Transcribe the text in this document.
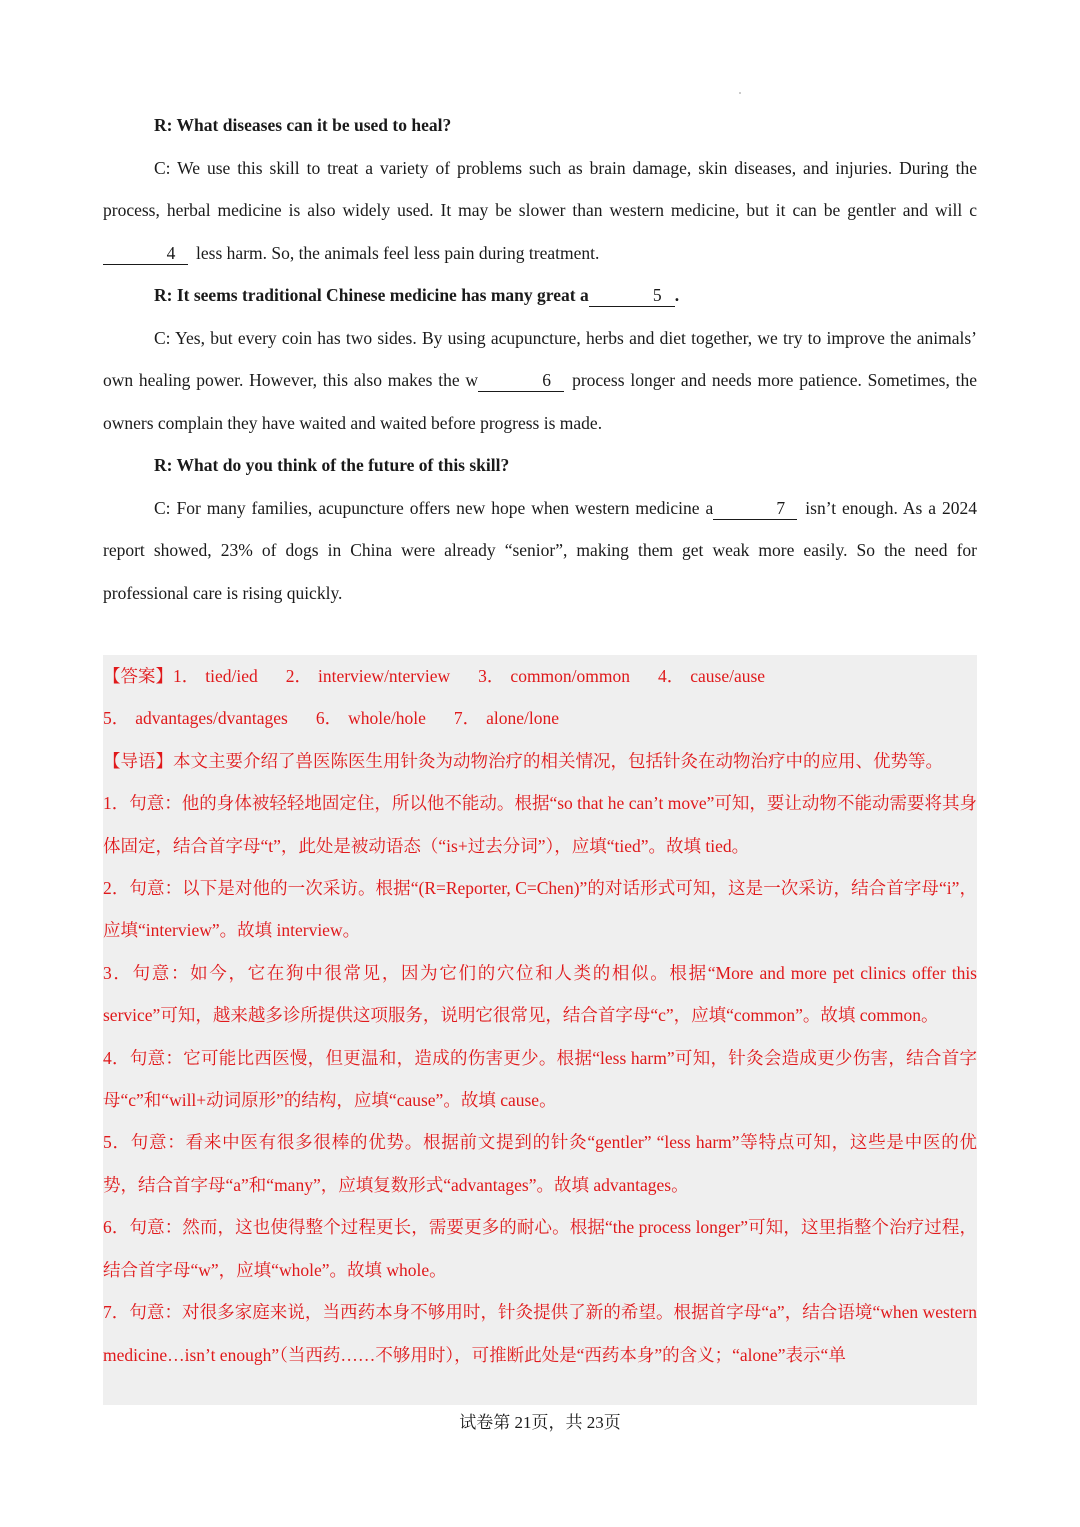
R: What diseases can it be used to heal?

C: We use this skill to treat a variety of problems such as brain damage, skin diseases, and injuries. During the process, herbal medicine is also widely used. It may be slower than western medicine, but it can be gentler and will c4 less harm. So, the animals feel less pain during treatment.

R: It seems traditional Chinese medicine has many great a	5 .

C: Yes, but every coin has two sides. By using acupuncture, herbs and diet together, we try to improve the animals’ own healing power. However, this also makes the w	6 process longer and needs more patience. Sometimes, the owners complain they have waited and waited before progress is made.

R: What do you think of the future of this skill?

C: For many families, acupuncture offers new hope when western medicine a	7 isn’t enough. As a 2024 report showed, 23% of dogs in China were already “senior”, making them get weak more easily. So the need for professional care is rising quickly.

【答案】1． tied/ied 2． interview/nterview 3． common/ommon 4． cause/ause
5． advantages/dvantages 6． whole/hole 7． alone/lone

【导语】本文主要介绍了兽医陈医生用针灸为动物治疗的相关情况，包括针灸在动物治疗中的应用、优势等。

1．句意：他的身体被轻轻地固定住，所以他不能动。根据“so that he can’t move”可知，要让动物不能动需要将其身体固定，结合首字母“t”，此处是被动语态（“is+过去分词”），应填“tied”。故填 tied。

2．句意：以下是对他的一次采访。根据“(R=Reporter, C=Chen)”的对话形式可知，这是一次采访，结合首字母“i”，应填“interview”。故填 interview。

3．句意：如今，它在狗中很常见，因为它们的穴位和人类的相似。根据“More and more pet clinics offer this service”可知，越来越多诊所提供这项服务，说明它很常见，结合首字母“c”，应填“common”。故填 common。

4．句意：它可能比西医慢，但更温和，造成的伤害更少。根据“less harm”可知，针灸会造成更少伤害，结合首字母“c”和“will+动词原形”的结构，应填“cause”。故填 cause。

5．句意：看来中医有很多很棒的优势。根据前文提到的针灸“gentler” “less harm”等特点可知，这些是中医的优势，结合首字母“a”和“many”，应填复数形式“advantages”。故填 advantages。

6．句意：然而，这也使得整个过程更长，需要更多的耐心。根据“the process longer”可知，这里指整个治疗过程，结合首字母“w”，应填“whole”。故填 whole。

7．句意：对很多家庭来说，当西药本身不够用时，针灸提供了新的希望。根据首字母“a”，结合语境“when western medicine…isn’t enough”（当西药……不够用时），可推断此处是“西药本身”的含义；“alone”表示“单

试卷第 21页，共 23页
